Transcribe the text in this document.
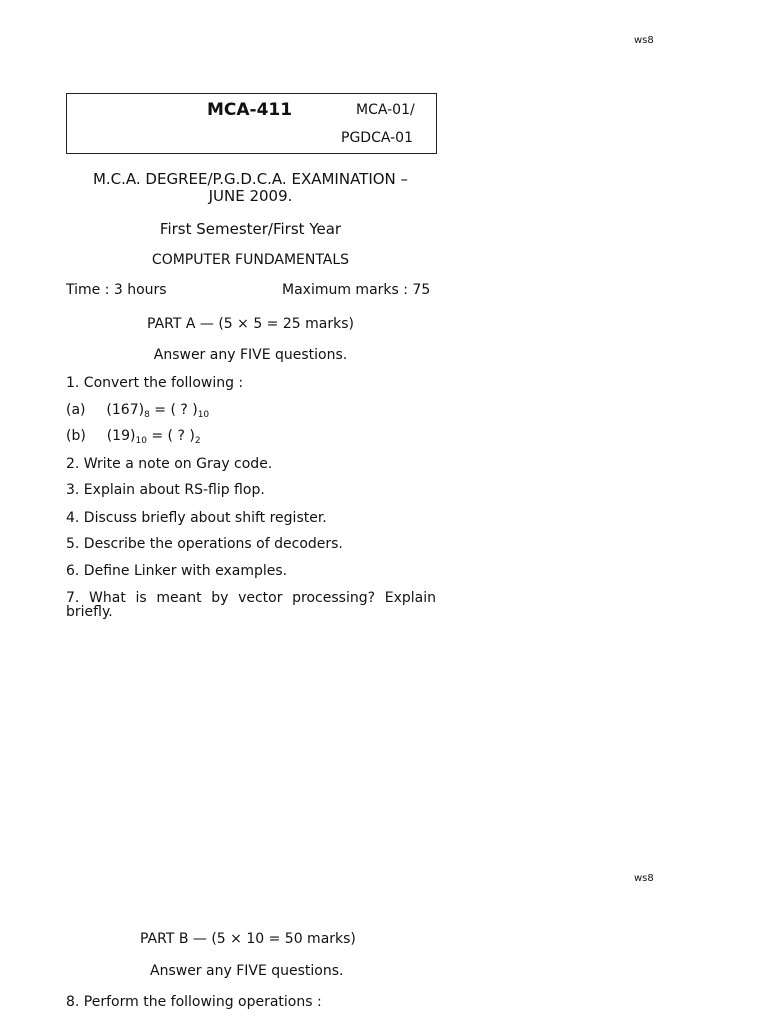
ws8
MCA-411	MCA-01/
PGDCA-01
M.C.A. DEGREE/P.G.D.C.A. EXAMINATION –
JUNE 2009.
First Semester/First Year
COMPUTER FUNDAMENTALS
Time : 3 hours	Maximum marks : 75
PART A — (5 × 5 = 25 marks)
Answer any FIVE questions.
1. Convert the following :
(a) $(167)_8$ = ( ? )$_{10}$
(b) $(19)_{10}$ = ( ? )$_2$
2. Write a note on Gray code.
3. Explain about RS-flip flop.
4. Discuss briefly about shift register.
5. Describe the operations of decoders.
6. Define Linker with examples.
7. What is meant by vector processing? Explain
briefly.
ws8
PART B — (5 × 10 = 50 marks)
Answer any FIVE questions.
8. Perform the following operations :
